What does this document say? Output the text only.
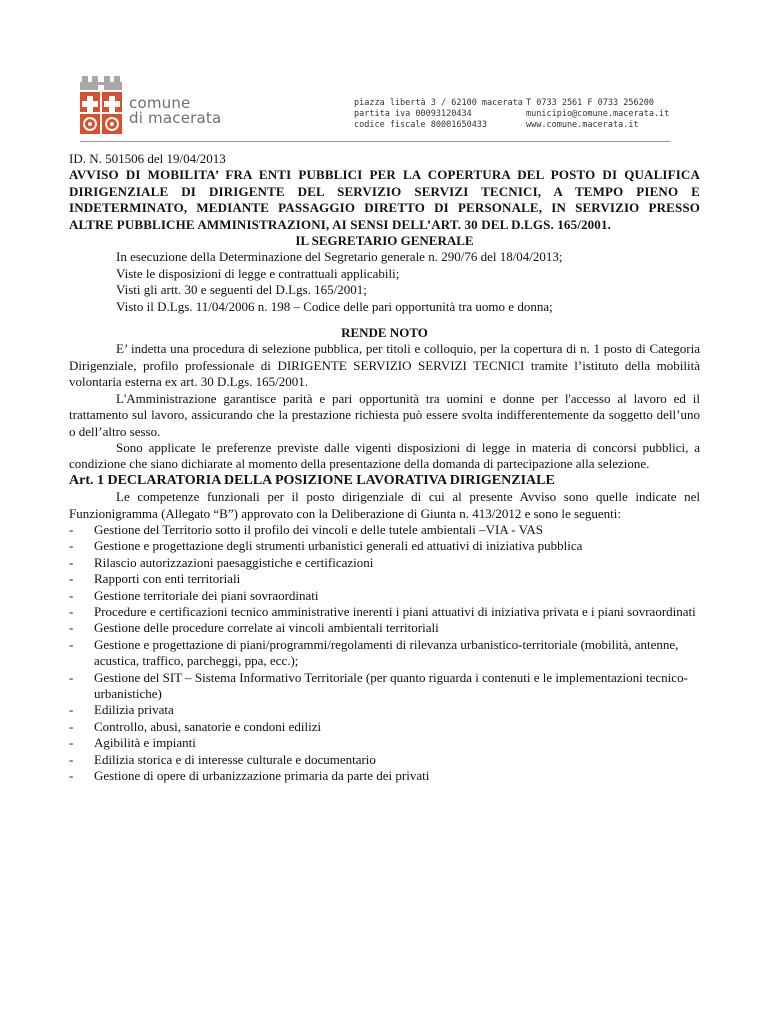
comune
di macerata
piazza libertà 3 / 62100 macerata
partita iva 00093120434
codice fiscale 80001650433
T 0733 2561 F 0733 256200
municipio@comune.macerata.it
www.comune.macerata.it

ID. N. 501506 del 19/04/2013

AVVISO DI MOBILITA’ FRA ENTI PUBBLICI PER LA COPERTURA DEL POSTO DI QUALIFICA DIRIGENZIALE DI DIRIGENTE DEL SERVIZIO SERVIZI TECNICI, A TEMPO PIENO E INDETERMINATO, MEDIANTE PASSAGGIO DIRETTO DI PERSONALE, IN SERVIZIO PRESSO ALTRE PUBBLICHE AMMINISTRAZIONI, AI SENSI DELL’ART. 30 DEL D.LGS. 165/2001.

IL SEGRETARIO GENERALE

In esecuzione della Determinazione del Segretario generale n. 290/76 del 18/04/2013;

Viste le disposizioni di legge e contrattuali applicabili;

Visti gli artt. 30 e seguenti del D.Lgs. 165/2001;

Visto il D.Lgs. 11/04/2006 n. 198 – Codice delle pari opportunità tra uomo e donna;

RENDE NOTO

E’ indetta una procedura di selezione pubblica, per titoli e colloquio, per la copertura di n. 1 posto di Categoria Dirigenziale, profilo professionale di DIRIGENTE SERVIZIO SERVIZI TECNICI tramite l’istituto della mobilità volontaria esterna ex art. 30 D.Lgs. 165/2001.

L'Amministrazione garantisce parità e pari opportunità tra uomini e donne per l'accesso al lavoro ed il trattamento sul lavoro, assicurando che la prestazione richiesta può essere svolta indifferentemente da soggetto dell’uno o dell’altro sesso.

Sono applicate le preferenze previste dalle vigenti disposizioni di legge in materia di concorsi pubblici, a condizione che siano dichiarate al momento della presentazione della domanda di partecipazione alla selezione.

Art. 1 DECLARATORIA DELLA POSIZIONE LAVORATIVA DIRIGENZIALE

Le competenze funzionali per il posto dirigenziale di cui al presente Avviso sono quelle indicate nel Funzionigramma (Allegato “B”) approvato con la Deliberazione di Giunta n. 413/2012 e sono le seguenti:

- Gestione del Territorio sotto il profilo dei vincoli e delle tutele ambientali –VIA - VAS
- Gestione e progettazione degli strumenti urbanistici generali ed attuativi di iniziativa pubblica
- Rilascio autorizzazioni paesaggistiche e certificazioni
- Rapporti con enti territoriali
- Gestione territoriale dei piani sovraordinati
- Procedure e certificazioni tecnico amministrative inerenti i piani attuativi di iniziativa privata e i piani sovraordinati
- Gestione delle procedure correlate ai vincoli ambientali territoriali
- Gestione e progettazione di piani/programmi/regolamenti di rilevanza urbanistico-territoriale (mobilità, antenne, acustica, traffico, parcheggi, ppa, ecc.);
- Gestione del SIT – Sistema Informativo Territoriale (per quanto riguarda i contenuti e le implementazioni tecnico-urbanistiche)
- Edilizia privata
- Controllo, abusi, sanatorie e condoni edilizi
- Agibilità e impianti
- Edilizia storica e di interesse culturale e documentario
- Gestione di opere di urbanizzazione primaria da parte dei privati
